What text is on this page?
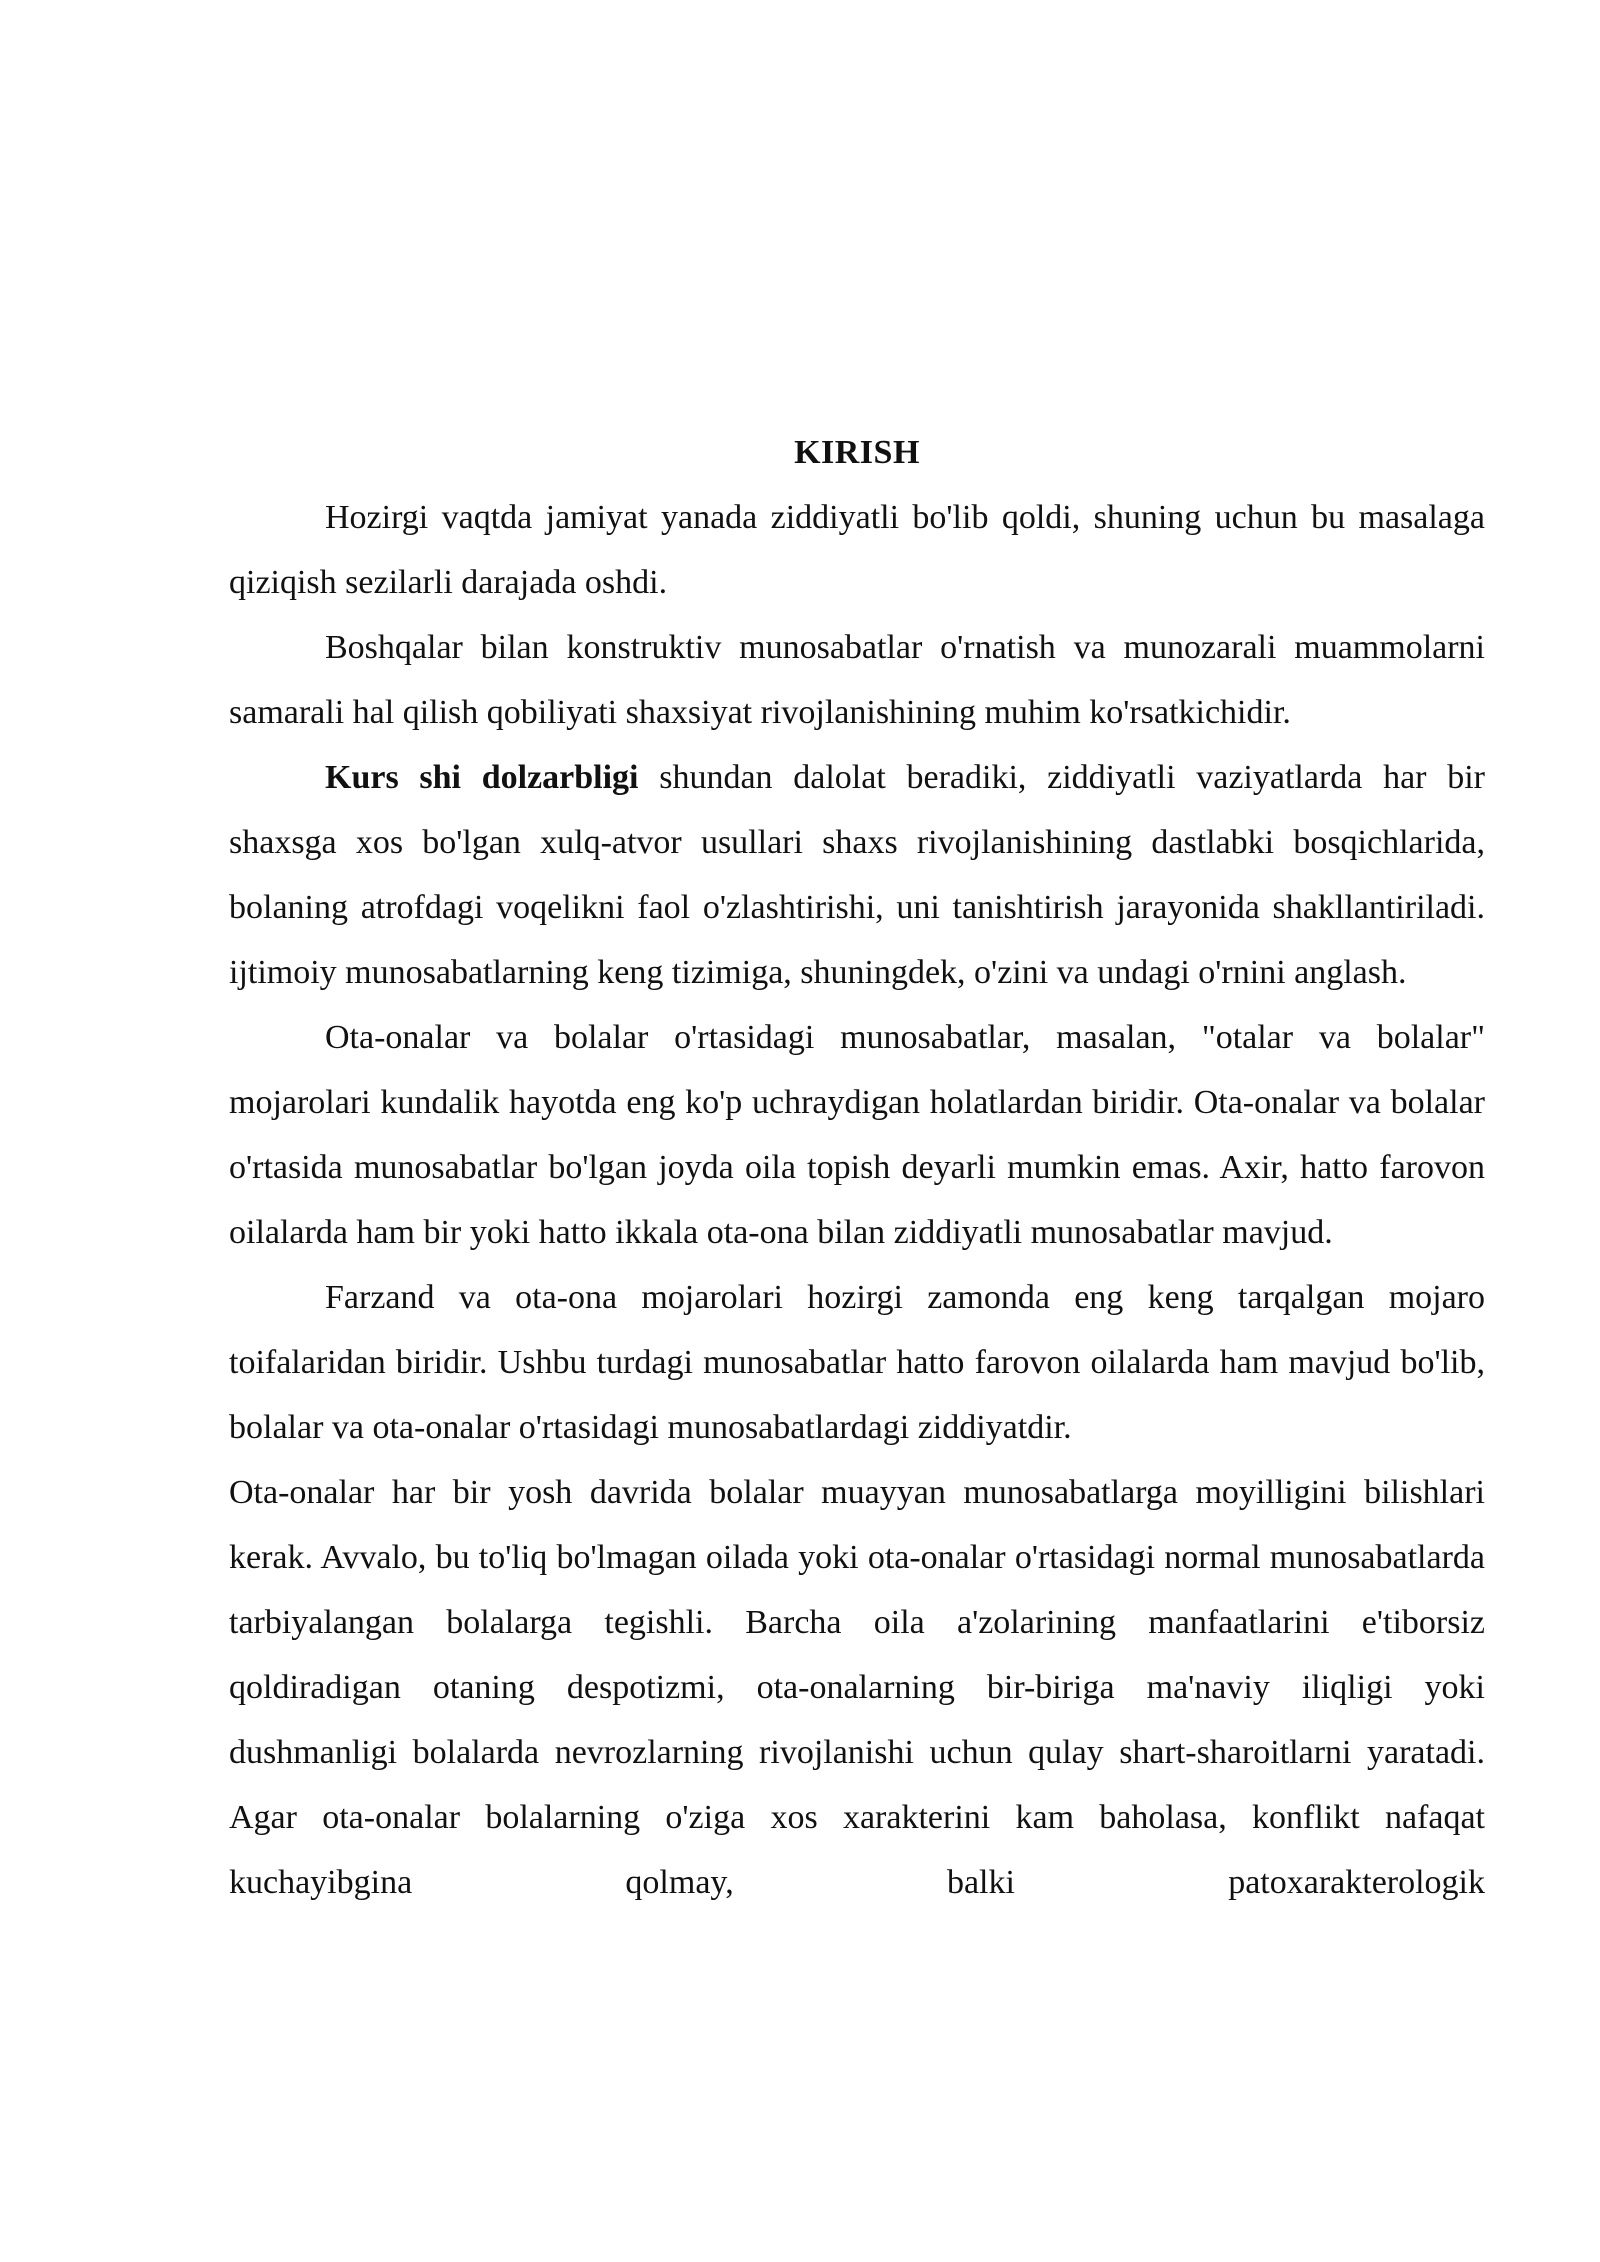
KIRISH

Hozirgi vaqtda jamiyat yanada ziddiyatli bo'lib qoldi, shuning uchun bu masalaga qiziqish sezilarli darajada oshdi.

Boshqalar bilan konstruktiv munosabatlar o'rnatish va munozarali muammolarni samarali hal qilish qobiliyati shaxsiyat rivojlanishining muhim ko'rsatkichidir.

Kurs shi dolzarbligi shundan dalolat beradiki, ziddiyatli vaziyatlarda har bir shaxsga xos bo'lgan xulq-atvor usullari shaxs rivojlanishining dastlabki bosqichlarida, bolaning atrofdagi voqelikni faol o'zlashtirishi, uni tanishtirish jarayonida shakllantiriladi. ijtimoiy munosabatlarning keng tizimiga, shuningdek, o'zini va undagi o'rnini anglash.

Ota-onalar va bolalar o'rtasidagi munosabatlar, masalan, "otalar va bolalar" mojarolari kundalik hayotda eng ko'p uchraydigan holatlardan biridir. Ota-onalar va bolalar o'rtasida munosabatlar bo'lgan joyda oila topish deyarli mumkin emas. Axir, hatto farovon oilalarda ham bir yoki hatto ikkala ota-ona bilan ziddiyatli munosabatlar mavjud.

Farzand va ota-ona mojarolari hozirgi zamonda eng keng tarqalgan mojaro toifalaridan biridir. Ushbu turdagi munosabatlar hatto farovon oilalarda ham mavjud bo'lib, bolalar va ota-onalar o'rtasidagi munosabatlardagi ziddiyatdir.

Ota-onalar har bir yosh davrida bolalar muayyan munosabatlarga moyilligini bilishlari kerak. Avvalo, bu to'liq bo'lmagan oilada yoki ota-onalar o'rtasidagi normal munosabatlarda tarbiyalangan bolalarga tegishli. Barcha oila a'zolarining manfaatlarini e'tiborsiz qoldiradigan otaning despotizmi, ota-onalarning bir-biriga ma'naviy iliqligi yoki dushmanligi bolalarda nevrozlarning rivojlanishi uchun qulay shart-sharoitlarni yaratadi. Agar ota-onalar bolalarning o'ziga xos xarakterini kam baholasa, konflikt nafaqat kuchayibgina qolmay, balki patoxarakterologik
